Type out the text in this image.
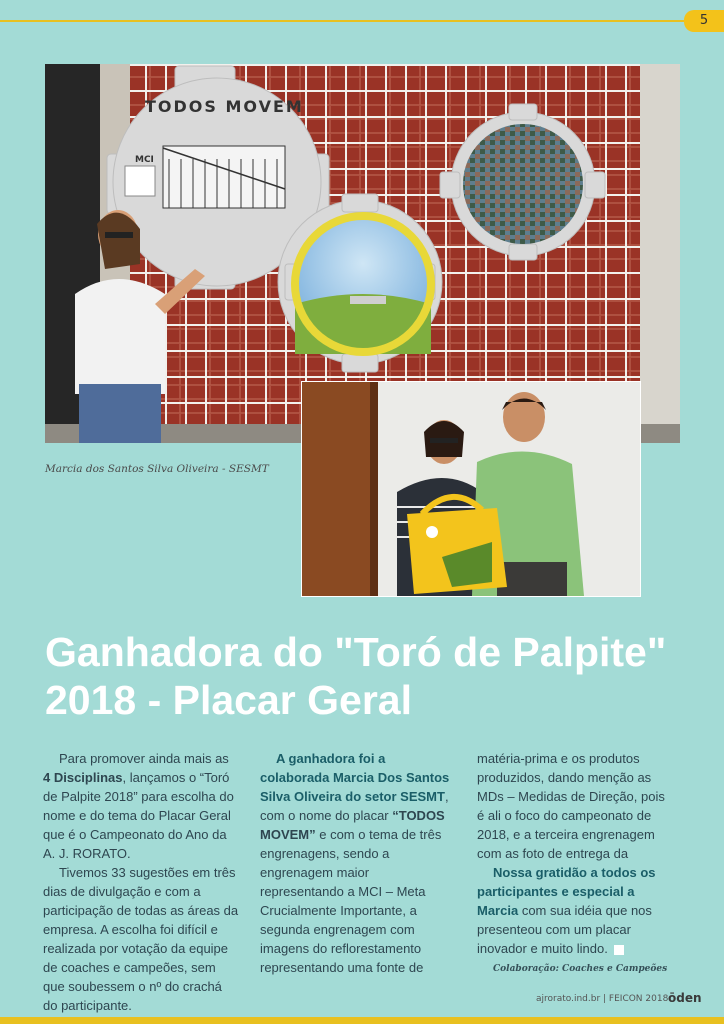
5
TODOS MOVEM
MCI
Marcia dos Santos Silva Oliveira - SESMT
Ganhadora do "Toró de Palpite" 2018 - Placar Geral

Para promover ainda mais as 4 Disciplinas, lançamos o “Toró de Palpite 2018” para escolha do nome e do tema do Placar Geral que é o Campeonato do Ano da A. J. RORATO.

Tivemos 33 sugestões em três dias de divulgação e com a participação de todas as áreas da empresa. A escolha foi difícil e realizada por votação da equipe de coaches e campeões, sem que soubessem o nº do crachá do participante.

A ganhadora foi a colaborada Marcia Dos Santos Silva Oliveira do setor SESMT, com o nome do placar “TODOS MOVEM” e com o tema de três engrenagens, sendo a engrenagem maior representando a MCI – Meta Crucialmente Importante, a segunda engrenagem com imagens do reflorestamento representando uma fonte de

matéria-prima e os produtos produzidos, dando menção as MDs – Medidas de Direção, pois é ali o foco do campeonato de 2018, e a terceira engrenagem com as foto de entrega da

Nossa gratidão a todos os participantes e especial a Marcia com sua idéia que nos presenteou com um placar inovador e muito lindo.

Colaboração: Coaches e Campeões

ajrorato.ind.br | FEICON 2018 ōden
